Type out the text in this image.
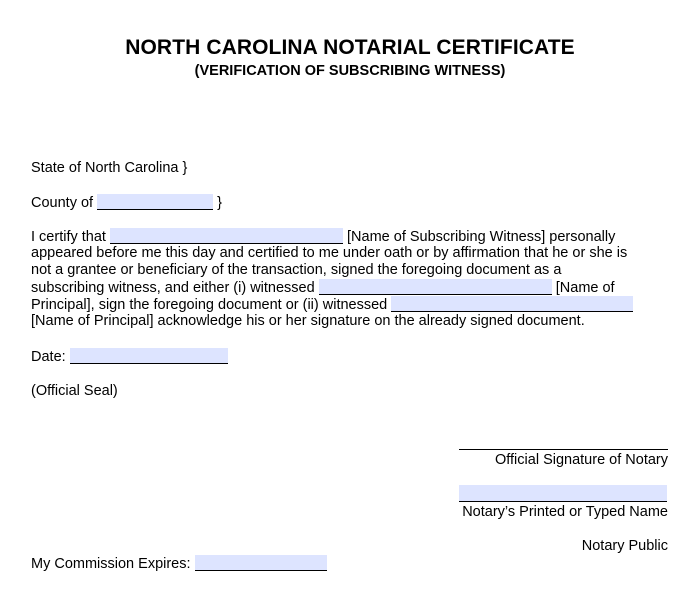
NORTH CAROLINA NOTARIAL CERTIFICATE
(VERIFICATION OF SUBSCRIBING WITNESS)
State of North Carolina }
County of	}
I certify that	[Name of Subscribing Witness] personally
appeared before me this day and certified to me under oath or by affirmation that he or she is
not a grantee or beneficiary of the transaction, signed the foregoing document as a
subscribing witness, and either (i) witnessed	[Name of
Principal], sign the foregoing document or (ii) witnessed
[Name of Principal] acknowledge his or her signature on the already signed document.
Date:
(Official Seal)
Official Signature of Notary
Notary’s Printed or Typed Name
Notary Public
My Commission Expires:
